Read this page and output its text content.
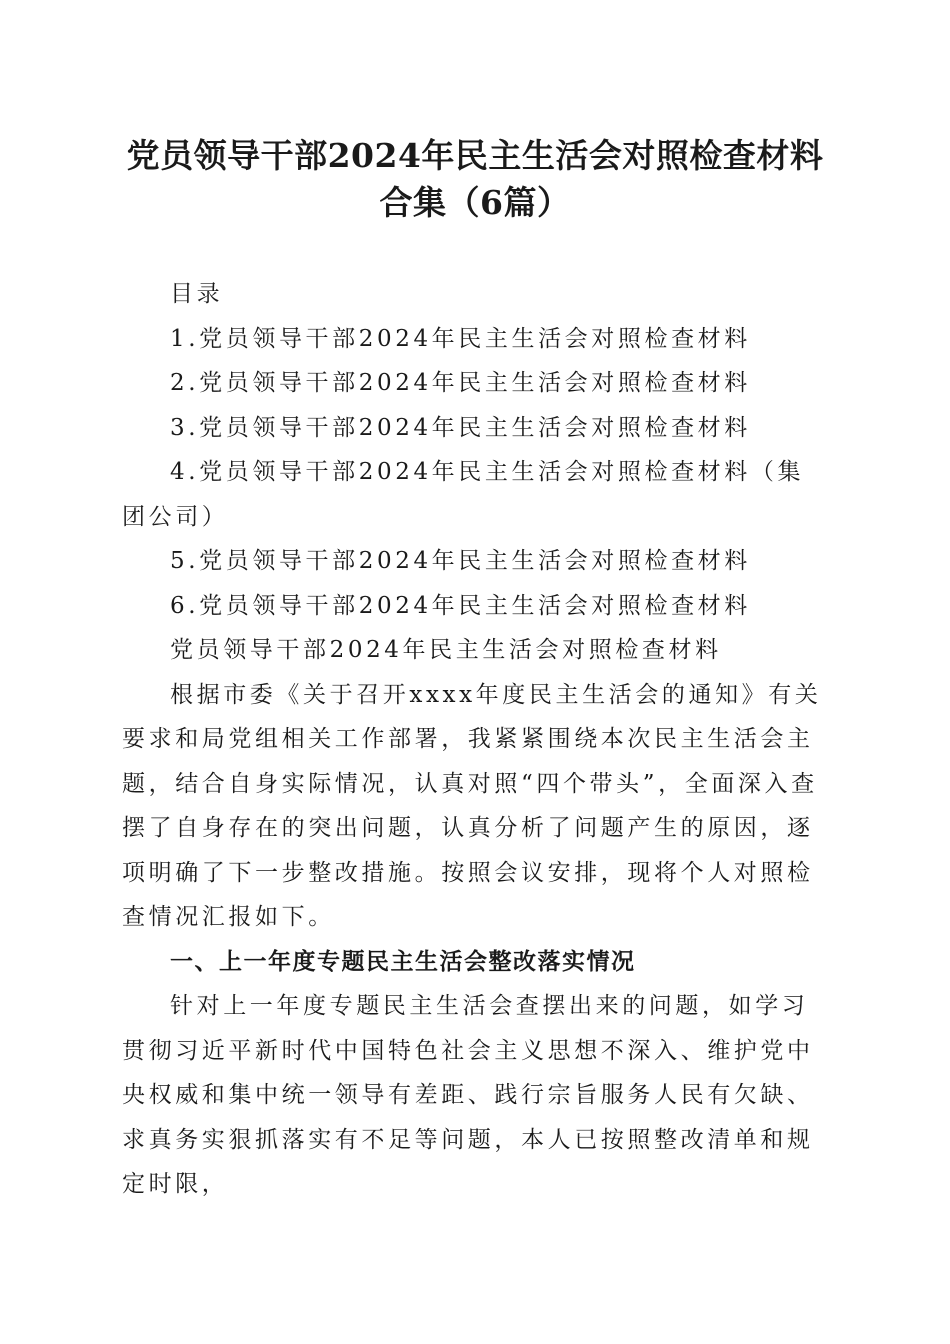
党员领导干部2024年民主生活会对照检查材料合集（6篇）

目录

1.党员领导干部2024年民主生活会对照检查材料

2.党员领导干部2024年民主生活会对照检查材料

3.党员领导干部2024年民主生活会对照检查材料

4.党员领导干部2024年民主生活会对照检查材料（集团公司）

5.党员领导干部2024年民主生活会对照检查材料

6.党员领导干部2024年民主生活会对照检查材料

党员领导干部2024年民主生活会对照检查材料

根据市委《关于召开xxxx年度民主生活会的通知》有关要求和局党组相关工作部署，我紧紧围绕本次民主生活会主题，结合自身实际情况，认真对照“四个带头”，全面深入查摆了自身存在的突出问题，认真分析了问题产生的原因，逐项明确了下一步整改措施。按照会议安排，现将个人对照检查情况汇报如下。

一、上一年度专题民主生活会整改落实情况

针对上一年度专题民主生活会查摆出来的问题，如学习贯彻习近平新时代中国特色社会主义思想不深入、维护党中央权威和集中统一领导有差距、践行宗旨服务人民有欠缺、求真务实狠抓落实有不足等问题，本人已按照整改清单和规定时限，
